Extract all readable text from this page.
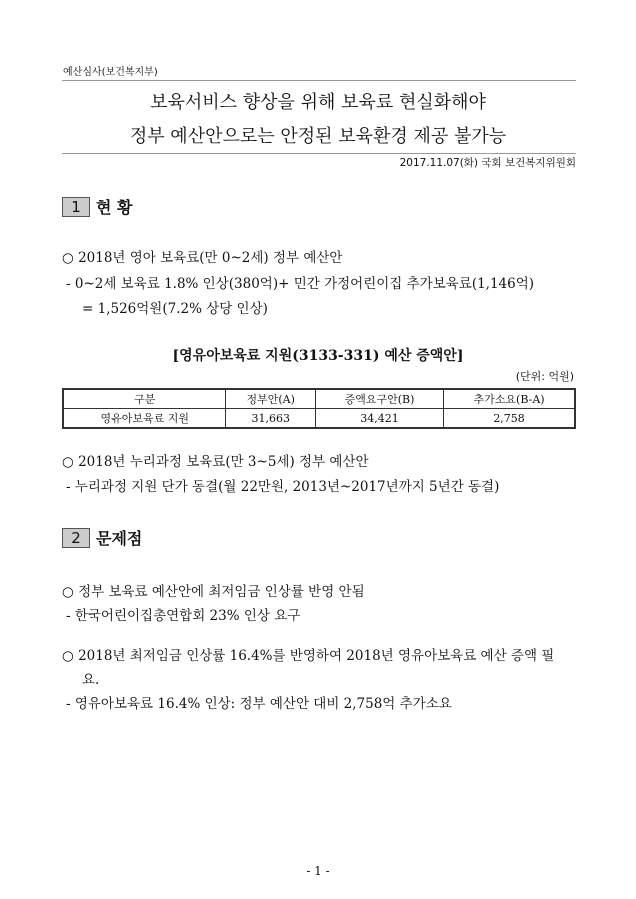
예산심사(보건복지부)
보육서비스 향상을 위해 보육료 현실화해야
정부 예산안으로는 안정된 보육환경 제공 불가능
2017.11.07(화) 국회 보건복지위원회
1 현 황
○ 2018년 영아 보육료(만 0~2세) 정부 예산안
- 0~2세 보육료 1.8% 인상(380억)+ 민간 가정어린이집 추가보육료(1,146억)
= 1,526억원(7.2% 상당 인상)
[영유아보육료 지원(3133-331) 예산 증액안]
(단위: 억원)
구분	정부안(A)	증액요구안(B)	추가소요(B-A)
영유아보육료 지원	31,663	34,421	2,758
○ 2018년 누리과정 보육료(만 3~5세) 정부 예산안
- 누리과정 지원 단가 동결(월 22만원, 2013년~2017년까지 5년간 동결)
2 문제점
○ 정부 보육료 예산안에 최저임금 인상률 반영 안됨
- 한국어린이집총연합회 23% 인상 요구
○ 2018년 최저임금 인상률 16.4%를 반영하여 2018년 영유아보육료 예산 증액 필
요.
- 영유아보육료 16.4% 인상: 정부 예산안 대비 2,758억 추가소요
- 1 -
